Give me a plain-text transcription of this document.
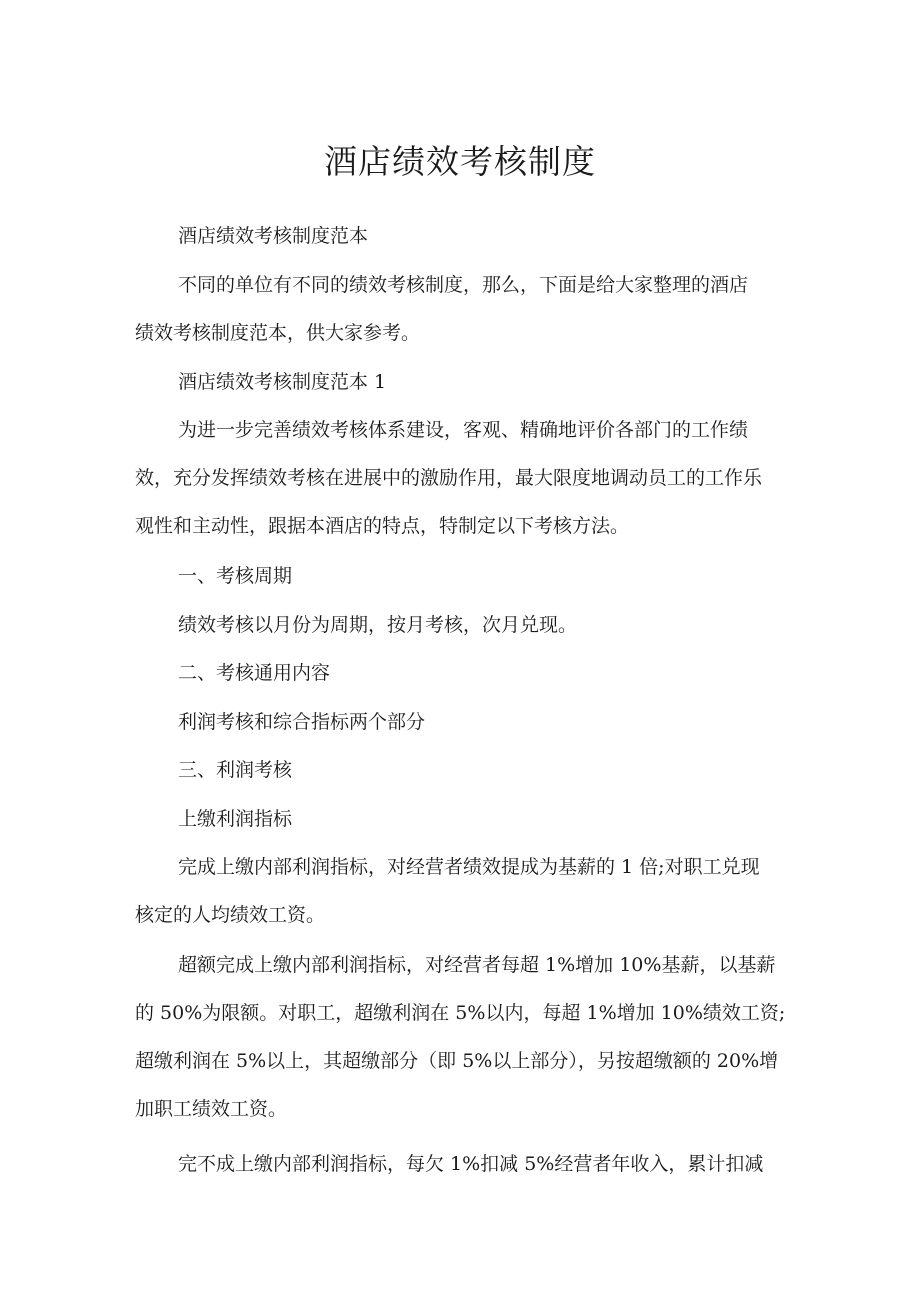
酒店绩效考核制度
酒店绩效考核制度范本
不同的单位有不同的绩效考核制度，那么，下面是给大家整理的酒店
绩效考核制度范本，供大家参考。
酒店绩效考核制度范本 1
为进一步完善绩效考核体系建设，客观、精确地评价各部门的工作绩
效，充分发挥绩效考核在进展中的激励作用，最大限度地调动员工的工作乐
观性和主动性，跟据本酒店的特点，特制定以下考核方法。
一、考核周期
绩效考核以月份为周期，按月考核，次月兑现。
二、考核通用内容
利润考核和综合指标两个部分
三、利润考核
上缴利润指标
完成上缴内部利润指标，对经营者绩效提成为基薪的 1 倍;对职工兑现
核定的人均绩效工资。
超额完成上缴内部利润指标，对经营者每超 1%增加 10%基薪，以基薪
的 50%为限额。对职工，超缴利润在 5%以内，每超 1%增加 10%绩效工资;
超缴利润在 5%以上，其超缴部分（即 5%以上部分），另按超缴额的 20%增
加职工绩效工资。
完不成上缴内部利润指标，每欠 1%扣减 5%经营者年收入，累计扣减
